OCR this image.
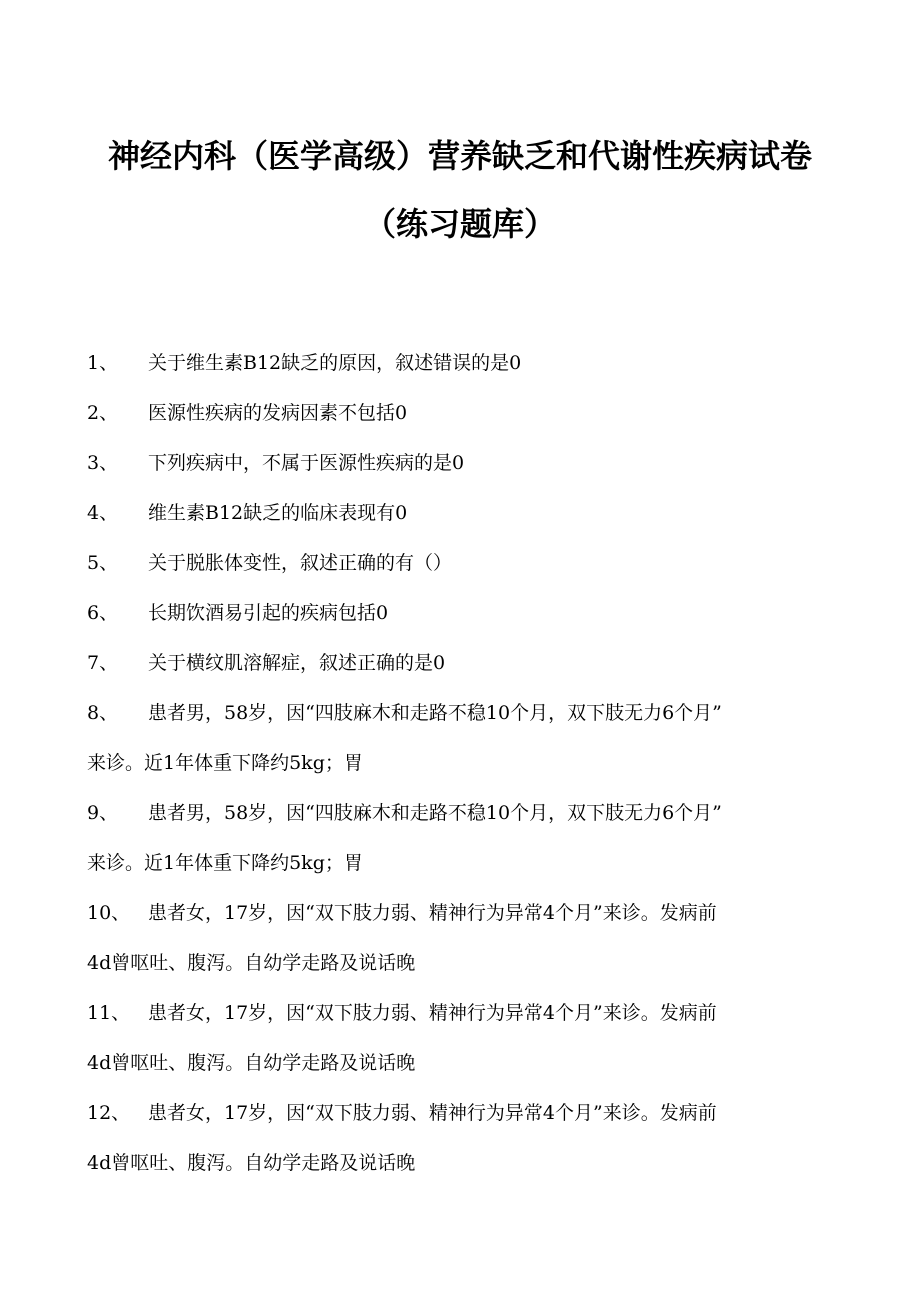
神经内科（医学高级）营养缺乏和代谢性疾病试卷
（练习题库）
1、 关于维生素B12缺乏的原因，叙述错误的是0
2、 医源性疾病的发病因素不包括0
3、 下列疾病中，不属于医源性疾病的是0
4、 维生素B12缺乏的临床表现有0
5、 关于脱胀体变性，叙述正确的有（）
6、 长期饮酒易引起的疾病包括0
7、 关于横纹肌溶解症，叙述正确的是0
8、 患者男，58岁，因“四肢麻木和走路不稳10个月，双下肢无力6个月”
来诊。近1年体重下降约5kg；胃
9、 患者男，58岁，因“四肢麻木和走路不稳10个月，双下肢无力6个月”
来诊。近1年体重下降约5kg；胃
10、 患者女，17岁，因“双下肢力弱、精神行为异常4个月”来诊。发病前
4d曾呕吐、腹泻。自幼学走路及说话晚
11、 患者女，17岁，因“双下肢力弱、精神行为异常4个月”来诊。发病前
4d曾呕吐、腹泻。自幼学走路及说话晚
12、 患者女，17岁，因“双下肢力弱、精神行为异常4个月”来诊。发病前
4d曾呕吐、腹泻。自幼学走路及说话晚
